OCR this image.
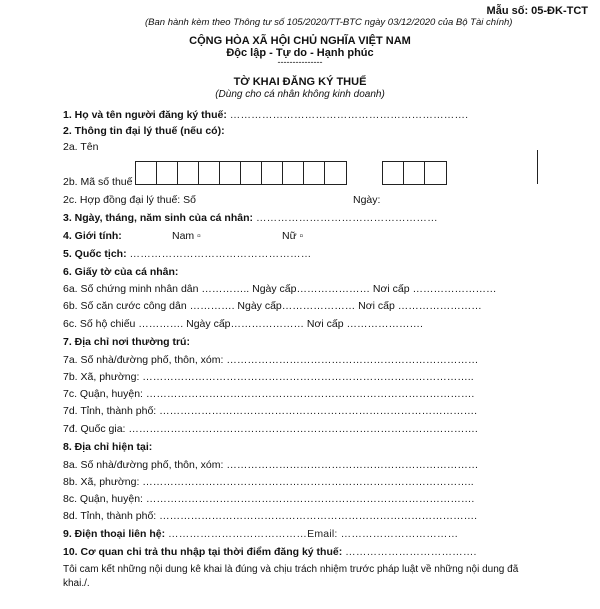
Mẫu số: 05-ĐK-TCT
(Ban hành kèm theo Thông tư số 105/2020/TT-BTC ngày 03/12/2020 của Bộ Tài chính)
CỘNG HÒA XÃ HỘI CHỦ NGHĨA VIỆT NAM
Độc lập - Tự do - Hạnh phúc
---------------
TỜ KHAI ĐĂNG KÝ THUẾ
(Dùng cho cá nhân không kinh doanh)
1. Họ và tên người đăng ký thuế: ………………………………………………………….
2. Thông tin đại lý thuế (nếu có):
2a. Tên
2b. Mã số thuế
2c. Hợp đồng đại lý thuế: Số	Ngày:
3. Ngày, tháng, năm sinh của cá nhân: ……………………………………………
4. Giới tính:	Nam ▫	Nữ ▫
5. Quốc tịch: ……………………………………………
6. Giấy tờ của cá nhân:
6a. Số chứng minh nhân dân ………….. Ngày cấp………………… Nơi cấp ……………………
6b. Số căn cước công dân …………. Ngày cấp………………… Nơi cấp ……………………
6c. Số hộ chiếu …………. Ngày cấp………………… Nơi cấp ………………….
7. Địa chỉ nơi thường trú:
7a. Số nhà/đường phố, thôn, xóm: ………………………………………………………………
7b. Xã, phường: …………………………………………………………………………………..
7c. Quận, huyện: ………………………………………………………………………………….
7d. Tỉnh, thành phố: ……………………………………………………………………………….
7đ. Quốc gia: ……………………………………………………………………………………….
8. Địa chỉ hiện tại:
8a. Số nhà/đường phố, thôn, xóm: ………………………………………………………………
8b. Xã, phường: …………………………………………………………………………………..
8c. Quận, huyện: ………………………………………………………………………………….
8d. Tỉnh, thành phố: ……………………………………………………………………………….
9. Điện thoại liên hệ: …………………………………Email: ……………………………
10. Cơ quan chi trả thu nhập tại thời điểm đăng ký thuế: ……………………………….
Tôi cam kết những nội dung kê khai là đúng và chịu trách nhiệm trước pháp luật về những nội dung đã khai./.
